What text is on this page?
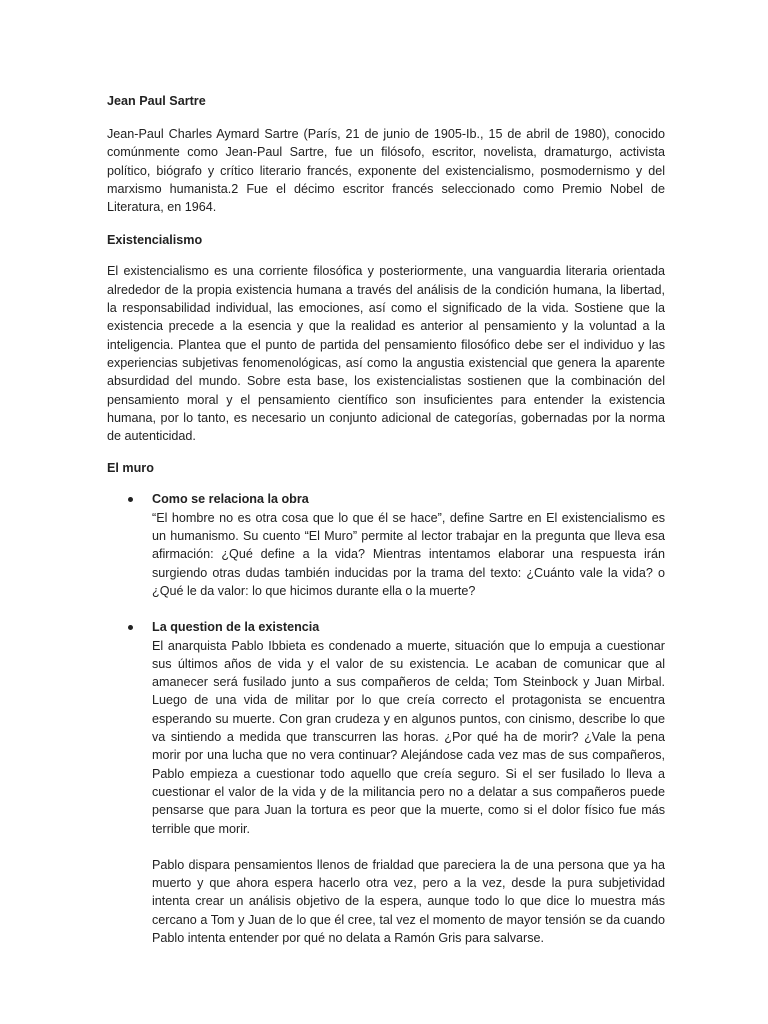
Jean Paul Sartre

Jean-Paul Charles Aymard Sartre (París, 21 de junio de 1905-Ib., 15 de abril de 1980), conocido comúnmente como Jean-Paul Sartre, fue un filósofo, escritor, novelista, dramaturgo, activista político, biógrafo y crítico literario francés, exponente del existencialismo, posmodernismo y del marxismo humanista.2 Fue el décimo escritor francés seleccionado como Premio Nobel de Literatura, en 1964.

Existencialismo

El existencialismo es una corriente filosófica y posteriormente, una vanguardia literaria orientada alrededor de la propia existencia humana a través del análisis de la condición humana, la libertad, la responsabilidad individual, las emociones, así como el significado de la vida. Sostiene que la existencia precede a la esencia y que la realidad es anterior al pensamiento y la voluntad a la inteligencia. Plantea que el punto de partida del pensamiento filosófico debe ser el individuo y las experiencias subjetivas fenomenológicas, así como la angustia existencial que genera la aparente absurdidad del mundo. Sobre esta base, los existencialistas sostienen que la combinación del pensamiento moral y el pensamiento científico son insuficientes para entender la existencia humana, por lo tanto, es necesario un conjunto adicional de categorías, gobernadas por la norma de autenticidad.

El muro
Como se relaciona la obra

“El hombre no es otra cosa que lo que él se hace”, define Sartre en El existencialismo es un humanismo. Su cuento “El Muro” permite al lector trabajar en la pregunta que lleva esa afirmación: ¿Qué define a la vida? Mientras intentamos elaborar una respuesta irán surgiendo otras dudas también inducidas por la trama del texto: ¿Cuánto vale la vida? o ¿Qué le da valor: lo que hicimos durante ella o la muerte?

La question de la existencia

El anarquista Pablo Ibbieta es condenado a muerte, situación que lo empuja a cuestionar sus últimos años de vida y el valor de su existencia. Le acaban de comunicar que al amanecer será fusilado junto a sus compañeros de celda; Tom Steinbock y Juan Mirbal. Luego de una vida de militar por lo que creía correcto el protagonista se encuentra esperando su muerte. Con gran crudeza y en algunos puntos, con cinismo, describe lo que va sintiendo a medida que transcurren las horas. ¿Por qué ha de morir? ¿Vale la pena morir por una lucha que no vera continuar? Alejándose cada vez mas de sus compañeros, Pablo empieza a cuestionar todo aquello que creía seguro. Si el ser fusilado lo lleva a cuestionar el valor de la vida y de la militancia pero no a delatar a sus compañeros puede pensarse que para Juan la tortura es peor que la muerte, como si el dolor físico fue más terrible que morir.

Pablo dispara pensamientos llenos de frialdad que pareciera la de una persona que ya ha muerto y que ahora espera hacerlo otra vez, pero a la vez, desde la pura subjetividad intenta crear un análisis objetivo de la espera, aunque todo lo que dice lo muestra más cercano a Tom y Juan de lo que él cree, tal vez el momento de mayor tensión se da cuando Pablo intenta entender por qué no delata a Ramón Gris para salvarse.
